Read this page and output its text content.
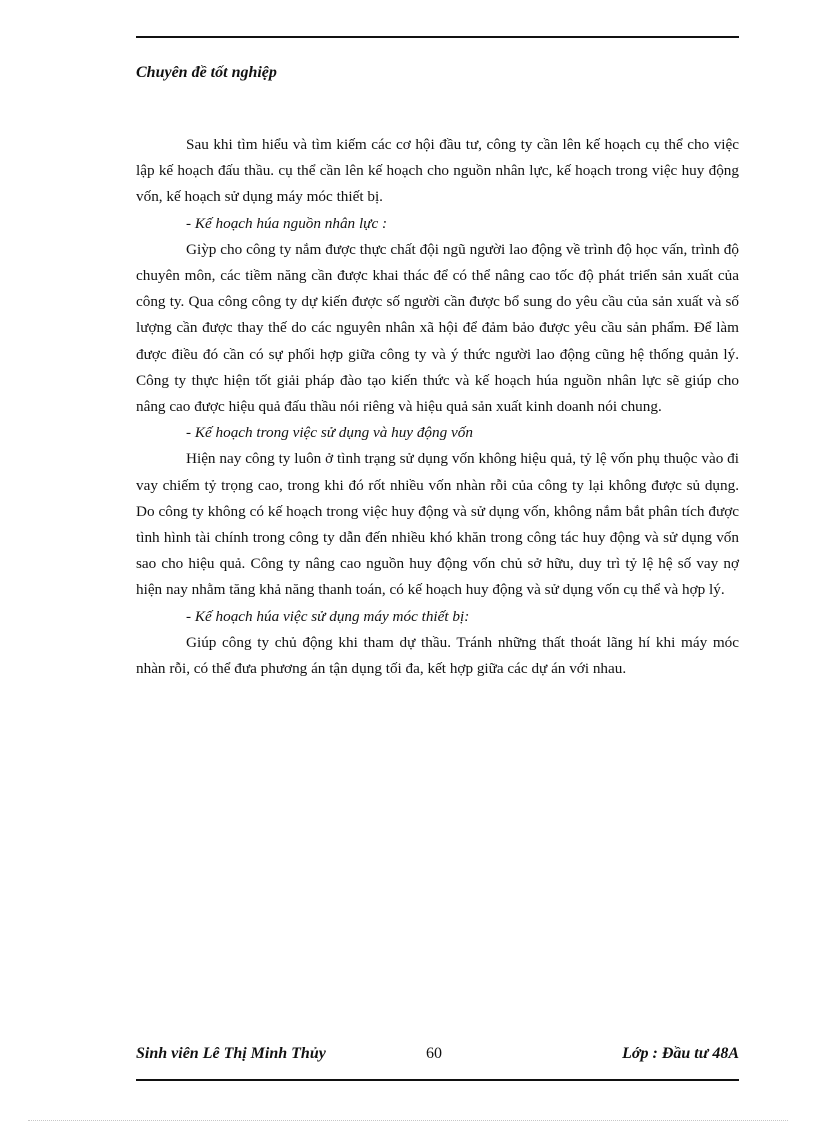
Chuyên đề tốt nghiệp

Sau khi tìm hiểu và tìm kiếm các cơ hội đầu tư, công ty cần lên kế hoạch cụ thể cho việc lập kế hoạch đấu thầu. cụ thể cần lên kế hoạch cho nguồn nhân lực, kế hoạch trong việc huy động vốn, kế hoạch sử dụng máy móc thiết bị.

- Kế hoạch húa nguồn nhân lực :

Giỳp cho công ty nắm được thực chất đội ngũ người lao động về trình độ học vấn, trình độ chuyên môn, các tiềm năng cần được khai thác để có thể nâng cao tốc độ phát triển sản xuất của công ty. Qua công công ty dự kiến được số người cần được bổ sung do yêu cầu của sản xuất và số lượng cần được thay thế do các nguyên nhân xã hội để đảm bảo được yêu cầu sản phẩm. Để làm được điều đó cần có sự phối hợp giữa công ty và ý thức người lao động cũng hệ thống quản lý. Công ty thực hiện tốt giải pháp đào tạo kiến thức và kế hoạch húa nguồn nhân lực sẽ giúp cho nâng cao được hiệu quả đấu thầu nói riêng và hiệu quả sản xuất kinh doanh nói chung.

- Kế hoạch trong việc sử dụng và huy động vốn

Hiện nay công ty luôn ở tình trạng sử dụng vốn không hiệu quả, tỷ lệ vốn phụ thuộc vào đi vay chiếm tỷ trọng cao, trong khi đó rốt nhiều vốn nhàn rỗi của công ty lại không được sủ dụng. Do công ty không có kế hoạch trong việc huy động và sử dụng vốn, không nắm bắt phân tích được tình hình tài chính trong công ty dẫn đến nhiều khó khăn trong công tác huy động và sử dụng vốn sao cho hiệu quả. Công ty nâng cao nguồn huy động vốn chủ sở hữu, duy trì tỷ lệ hệ số vay nợ hiện nay nhằm tăng khả năng thanh toán, có kế hoạch huy động và sử dụng vốn cụ thể và hợp lý.

- Kế hoạch húa việc sử dụng máy móc thiết bị:

Giúp công ty chủ động khi tham dự thầu. Tránh những thất thoát lãng hí khi máy móc nhàn rỗi, có thể đưa phương án tận dụng tối đa, kết hợp giữa các dự án với nhau.

Sinh viên Lê Thị Minh Thủy	60	Lớp : Đầu tư 48A
